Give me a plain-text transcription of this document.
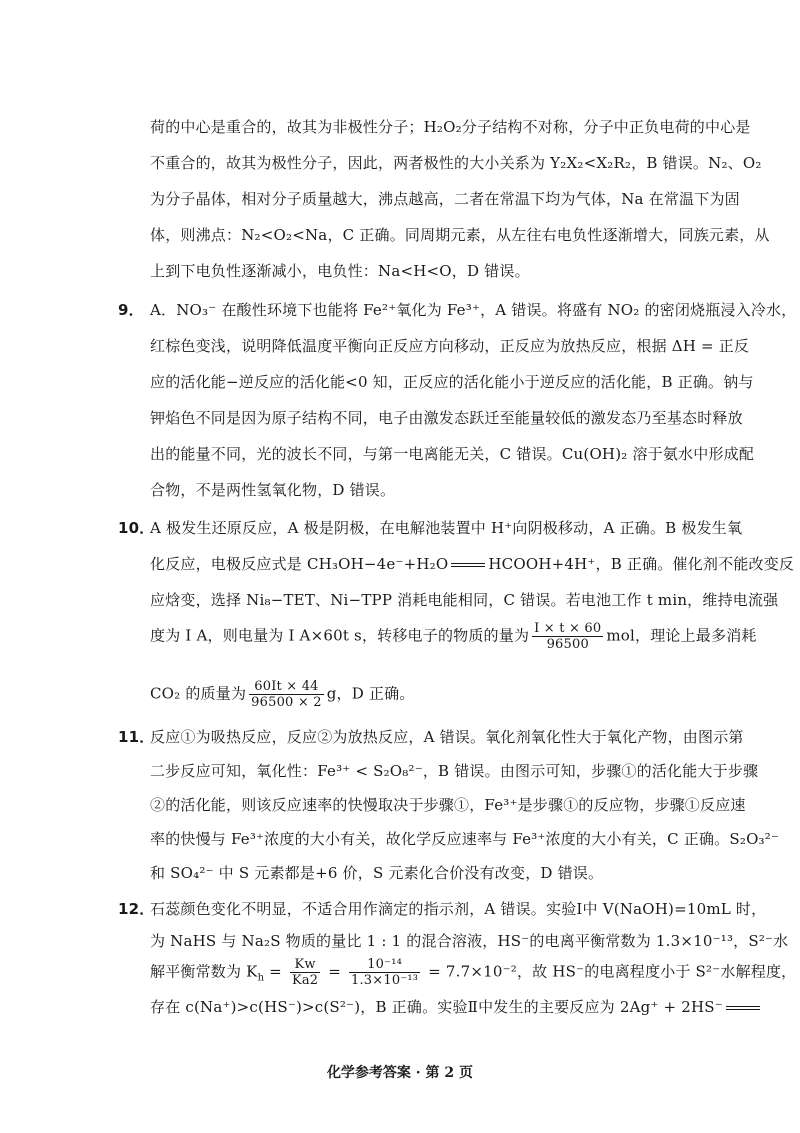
荷的中心是重合的，故其为非极性分子；H₂O₂分子结构不对称，分子中正负电荷的中心是
不重合的，故其为极性分子，因此，两者极性的大小关系为 Y₂X₂<X₂R₂，B 错误。N₂、O₂
为分子晶体，相对分子质量越大，沸点越高，二者在常温下均为气体，Na 在常温下为固
体，则沸点：N₂<O₂<Na，C 正确。同周期元素，从左往右电负性逐渐增大，同族元素，从
上到下电负性逐渐减小，电负性：Na<H<O，D 错误。
9． A．NO₃⁻ 在酸性环境下也能将 Fe²⁺氧化为 Fe³⁺，A 错误。将盛有 NO₂ 的密闭烧瓶浸入冷水，
红棕色变浅，说明降低温度平衡向正反应方向移动，正反应为放热反应，根据 ΔH = 正反
应的活化能−逆反应的活化能<0 知，正反应的活化能小于逆反应的活化能，B 正确。钠与
钾焰色不同是因为原子结构不同，电子由激发态跃迁至能量较低的激发态乃至基态时释放
出的能量不同，光的波长不同，与第一电离能无关，C 错误。Cu(OH)₂ 溶于氨水中形成配
合物，不是两性氢氧化物，D 错误。
10．
A 极发生还原反应，A 极是阴极，在电解池装置中 H⁺向阴极移动，A 正确。B 极发生氧
化反应，电极反应式是 CH₃OH−4e⁻+H₂O	HCOOH+4H⁺，B 正确。催化剂不能改变反
应焓变，选择 Ni₈−TET、Ni−TPP 消耗电能相同，C 错误。若电池工作 t min，维持电流强
度为 I A，则电量为 I A×60t s，转移电子的物质的量为 $\frac{I \times t \times 60}{96500}$ mol，理论上最多消耗
CO₂ 的质量为 $\frac{60It \times 44}{96500 \times 2}$ g，D 正确。
11．
反应①为吸热反应，反应②为放热反应，A 错误。氧化剂氧化性大于氧化产物，由图示第
二步反应可知，氧化性：Fe³⁺ < S₂O₈²⁻，B 错误。由图示可知，步骤①的活化能大于步骤
②的活化能，则该反应速率的快慢取决于步骤①，Fe³⁺是步骤①的反应物，步骤①反应速
率的快慢与 Fe³⁺浓度的大小有关，故化学反应速率与 Fe³⁺浓度的大小有关，C 正确。S₂O₃²⁻
和 SO₄²⁻ 中 S 元素都是+6 价，S 元素化合价没有改变，D 错误。
12．
石蕊颜色变化不明显，不适合用作滴定的指示剂，A 错误。实验Ⅰ中 V(NaOH)=10mL 时，
为 NaHS 与 Na₂S 物质的量比 1 : 1 的混合溶液，HS⁻的电离平衡常数为 1.3×10⁻¹³，S²⁻水
化学参考答案 · 第 2 页
解平衡常数为 $K_h = \frac{Kw}{Ka2} = \frac{\text{10⁻¹⁴}}{\text{1.3×10⁻¹³}} = 7.7\times 10^{-2}$，故 HS⁻的电离程度小于 S²⁻水解程度，
存在 c(Na⁺)>c(HS⁻)>c(S²⁻)，B 正确。实验Ⅱ中发生的主要反应为 2Ag⁺ + 2HS⁻
